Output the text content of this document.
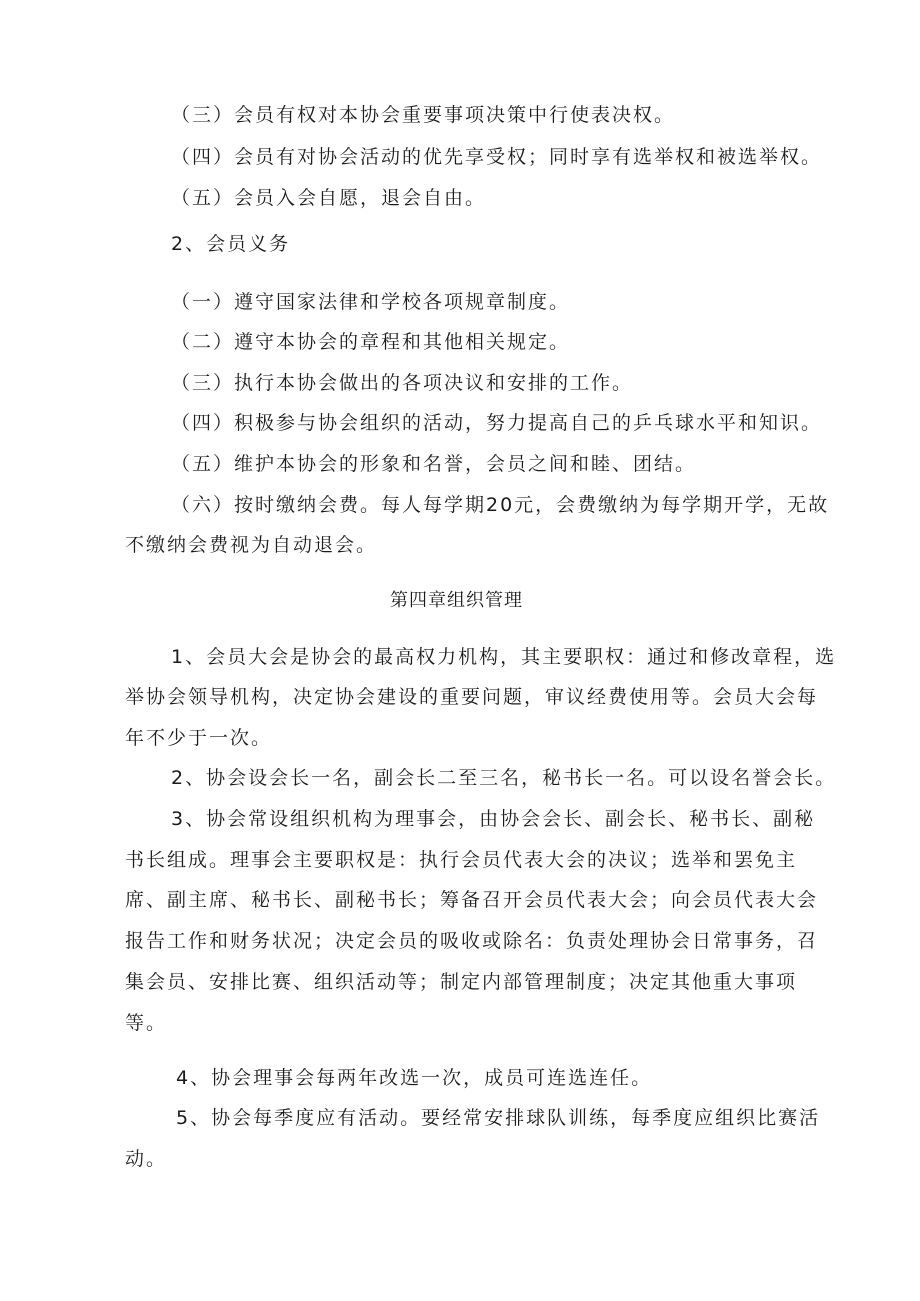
（三）会员有权对本协会重要事项决策中行使表决权。

（四）会员有对协会活动的优先享受权；同时享有选举权和被选举权。

（五）会员入会自愿，退会自由。

2、会员义务

（一）遵守国家法律和学校各项规章制度。

（二）遵守本协会的章程和其他相关规定。

（三）执行本协会做出的各项决议和安排的工作。

（四）积极参与协会组织的活动，努力提高自己的乒乓球水平和知识。

（五）维护本协会的形象和名誉，会员之间和睦、团结。

（六）按时缴纳会费。每人每学期20元，会费缴纳为每学期开学，无故

不缴纳会费视为自动退会。

第四章组织管理

1、会员大会是协会的最高权力机构，其主要职权：通过和修改章程，选

举协会领导机构，决定协会建设的重要问题，审议经费使用等。会员大会每

年不少于一次。

2、协会设会长一名，副会长二至三名，秘书长一名。可以设名誉会长。

3、协会常设组织机构为理事会，由协会会长、副会长、秘书长、副秘

书长组成。理事会主要职权是：执行会员代表大会的决议；选举和罢免主

席、副主席、秘书长、副秘书长；筹备召开会员代表大会；向会员代表大会

报告工作和财务状况；决定会员的吸收或除名：负责处理协会日常事务，召

集会员、安排比赛、组织活动等；制定内部管理制度；决定其他重大事项

等。

4、协会理事会每两年改选一次，成员可连选连任。

5、协会每季度应有活动。要经常安排球队训练，每季度应组织比赛活

动。
